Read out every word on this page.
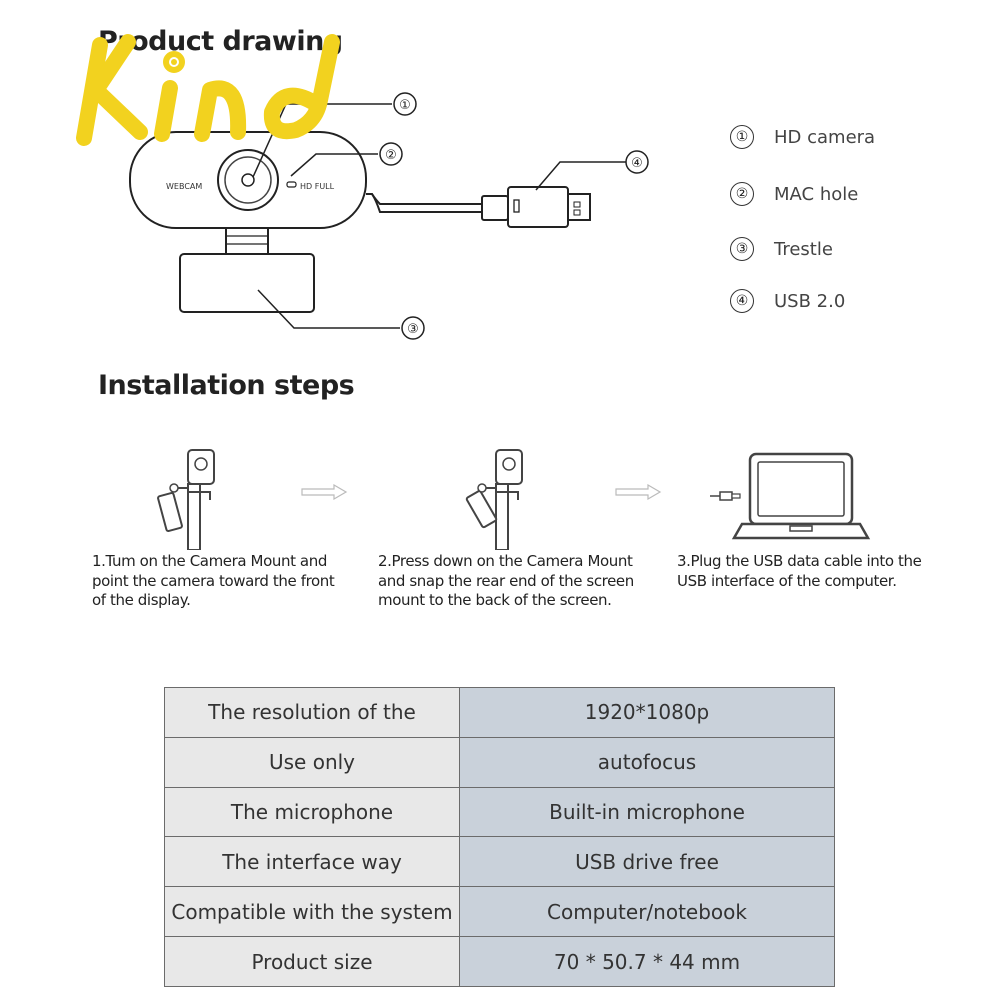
Product drawing
Installation steps
WEBCAM	HD FULL
①
②
③
④
①	HD camera
②	MAC hole
③	Trestle
④	USB 2.0
1.Tum on the Camera Mount and point the camera toward the front of the display.
2.Press down on the Camera Mount and snap the rear end of the screen mount to the back of the screen.
3.Plug the USB data cable into the USB interface of the computer.
The resolution of the	1920*1080p
Use only	autofocus
The microphone	Built-in microphone
The interface way	USB drive free
Compatible with the system	Computer/notebook
Product size	70 * 50.7 * 44 mm
